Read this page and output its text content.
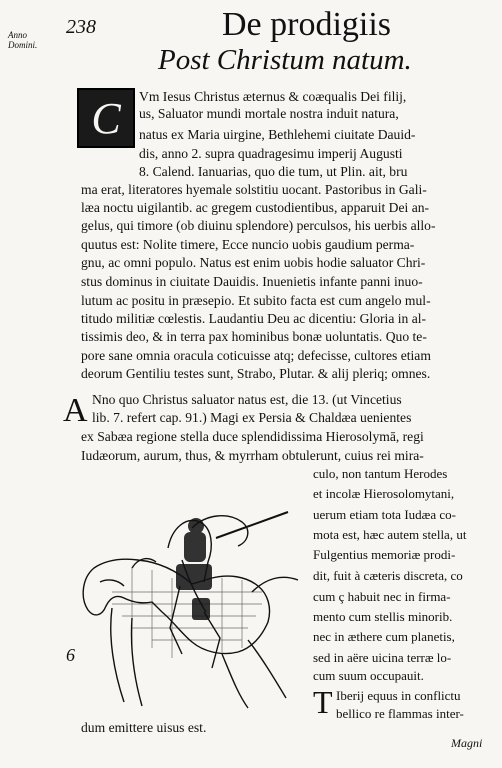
Anno Domini.
238	De prodigiis
Post Christum natum.
C	Vm Iesus Christus æternus & coæqualis Dei filij,
us, Saluator mundi mortale nostra induit natura,
natus ex Maria uirgine, Bethlehemi ciuitate Dauid-
dis, anno 2. supra quadragesimu imperij Augusti
8. Calend. Ianuarias, quo die tum, ut Plin. ait, bru
ma erat, literatores hyemale solstitiu uocant. Pastoribus in Gali-
læa noctu uigilantib. ac gregem custodientibus, apparuit Dei an-
gelus, qui timore (ob diuinu splendore) perculsos, his uerbis allo-
quutus est: Nolite timere, Ecce nuncio uobis gaudium perma-
gnu, ac omni populo. Natus est enim uobis hodie saluator Chri-
stus dominus in ciuitate Dauidis. Inuenietis infante panni inuo-
lutum ac positu in præsepio. Et subito facta est cum angelo mul-
titudo militiæ cœlestis. Laudantiu Deu ac dicentiu: Gloria in al-
tissimis deo, & in terra pax hominibus bonæ uoluntatis. Quo te-
pore sane omnia oracula coticuisse atq; defecisse, cultores etiam
deorum Gentiliu testes sunt, Strabo, Plutar. & alij pleriq; omnes.
A Nno quo Christus saluator natus est, die 13. (ut Vincetius
lib. 7. refert cap. 91.) Magi ex Persia & Chaldæa uenientes
ex Sabæa regione stella duce splendidissima Hierosolymā, regi
Iudæorum, aurum, thus, & myrrham obtulerunt, cuius rei mira-
culo, non tantum Herodes
et incolæ Hierosolomytani,
uerum etiam tota Iudæa co-
mota est, hæc autem stella, ut
Fulgentius memoriæ prodi-
dit, fuit à cæteris discreta, co
cum ç habuit nec in firma-
mento cum stellis minorib.
nec in æthere cum planetis,
sed in aëre uicina terræ lo-
cum suum occupauit.
T Iberij equus in conflictu
bellico re flammas inter-
dum emittere uisus est.
6
Magni
